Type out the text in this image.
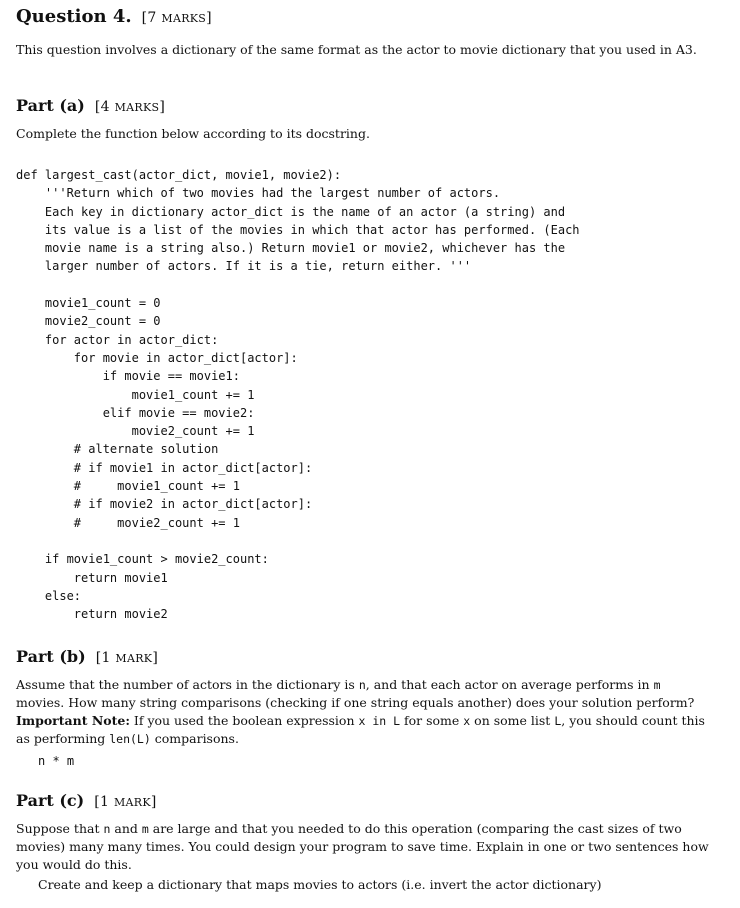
Question 4. [7 MARKS]
This question involves a dictionary of the same format as the actor to movie dictionary that you used in A3.
Part (a) [4 MARKS]
Complete the function below according to its docstring.
def largest_cast(actor_dict, movie1, movie2):
'''Return which of two movies had the largest number of actors.
Each key in dictionary actor_dict is the name of an actor (a string) and
its value is a list of the movies in which that actor has performed. (Each
movie name is a string also.) Return movie1 or movie2, whichever has the
larger number of actors. If it is a tie, return either. '''
movie1_count = 0
movie2_count = 0
for actor in actor_dict:
for movie in actor_dict[actor]:
if movie == movie1:
movie1_count += 1
elif movie == movie2:
movie2_count += 1
# alternate solution
# if movie1 in actor_dict[actor]:
#     movie1_count += 1
# if movie2 in actor_dict[actor]:
#     movie2_count += 1
if movie1_count > movie2_count:
return movie1
else:
return movie2
Part (b) [1 MARK]
Assume that the number of actors in the dictionary is n, and that each actor on average performs in m movies. How many string comparisons (checking if one string equals another) does your solution perform? Important Note: If you used the boolean expression x in L for some x on some list L, you should count this as performing len(L) comparisons.
n * m
Part (c) [1 MARK]
Suppose that n and m are large and that you needed to do this operation (comparing the cast sizes of two movies) many many times. You could design your program to save time. Explain in one or two sentences how you would do this.
Create and keep a dictionary that maps movies to actors (i.e. invert the actor dictionary)
